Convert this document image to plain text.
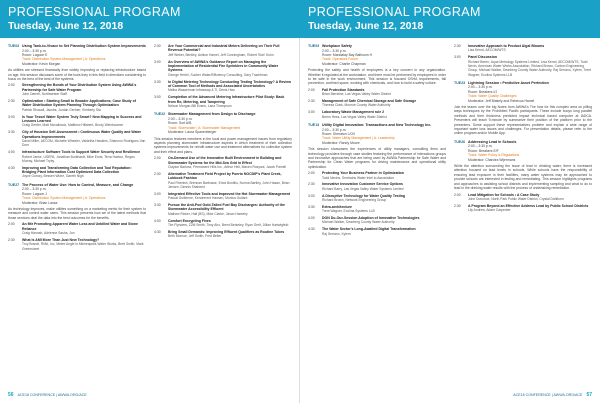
PROFESSIONAL PROGRAM
Tuesday, June 12, 2018
TUE03 Using Tank-to-Vivace to Set Planning Distribution System Improvements
2:00 – 3:30 p.m.
Room: Lagoon E
Track: Distribution System Management | A: Operations
Moderator: Kevin Morgan
As utilities are stressed financially from widely improving or replacing infrastructure based on age, this session discusses some of the tools they in this field in directions considering to focus on the best of the best of the systems.
2:00	Strengthening the Bonds of Your Distribution System Using AWWA's Partnership for Safe Water Program
John Darrell, Northwester Staff
2:30	Optimization • Starting Small to Broader Applications; Case Study of Water Distribution System Planning Through Optimization
Patrick Rinaudl, Jacobs, Jordan Gertner, Kimberly Sta
3:00	Is Your Tessel Water System Truly Smart? New Mapping in Success and Lessons Learned
Craig Genter, Matt Mccalinsdz, Matthew Hillsbert, Brody Weinbaumer
3:30	City of Houston Self-Assessment • Continuous Water Quality and Water Operations Improvements
David Miller, AECOM, Michelle Wheeler, Valdetha Hawkins, Shannon Rodriguez-Van Dorn
4:00	Infrastructure Software Tools to Support Water Security and Resilience
Robert Janke, USEPA, Jonathan Burkhardt, Mike Ernst, Terra Haxton, Regan Murray, Michael Tryby
4:30	Improving and Transforming Data Collection and Tool Reputation: Bridging Plant Information Cost Optimized Data Collection
Joyce Gorcsy, Bessen Wuhe, Gareth Nigh
TUE27 The Process of Water Use: How to Control, Measure, and Change
2:00 – 3:30 p.m.
Room: Lagoon J
Track: Distribution System Management | A: Operations
Moderator: Brian Lanza
As technology improves, make utilities something on a marketing metric for their system to measure and control water users. This session presents how we of the latest methods that those services deal the data into the best outcomes for the benefits.
2:00	An Mtr Promoting Apparent Water Loss and Unbilled Water and Stone Reliance
Craig Hannah, Adrienne Sasha, Jon
2:30	What Is AMI More Than Just New Technology?
Troy Brandt, RMA, Inc, Melee Angle in Minneapolis Water Works, Brett Smith, Mark Greensheet
2:30	Are Your Commercial and Industrial Meters Delivering on Their Full Revenue Potential?
Jeff Weber, Bentley, Ashton Hamel, Jeff Cunningham, Robert 'Bob' Kohn
3:00	An Overview of AWWA's Guidance Report on Managing the Implementation of Residential Fire Sprinklers in Community Water Systems
George Hertel, Sucher Water/Efficiency Consulting, Gary Trachtman
3:30	In Digital Metering Technology Conducting Testing Technology? A Review of Common Tool of Methods and Associated Uncertainties
Melba Wasserman Infraswap & Ti, Denis Hwu
3:00	Completion of the Advanced Metering Infrastructure Pilot Study: Back from Ro, Metering, and Tampering
Nelson Morgan-Bill Evans, Lana Thompson
TUE22 Stormwater Management from Design to Discharge
2:00 – 3:30 p.m.
Room: Surf A/B
Track: Stormwater | A: Stormwater Management
Moderator: Laura Spanenberger
This session features members in the local and power management issues from regulatory aspects planning stormwater infrastructure aspects in which treatment of their collection systems improvements for retrofit water use and treatment alternatives for collection system and their effect and plans.
2:00	On-Demand Use of the Innovative Built Environment in Building and Stormwater Systems for the Mid-Sea Grid in Effect
Clayton Bartosz, Permanent Hills Inc., Arthur Heil, Maven Rosyani, Jacob Pamell
2:30	Alternative Treatment Field Project by Puerto NOCDIP's Plant Creek, Lubbock Fashion
Paul Rhenish, Brennan Barbusse, Erica Bontiliu, Norma Bartley, John Hasan, Brian Jensen, Dennis Shaheed
3:00	Integrated Effective Tools and Improved the Hot Stormwater Management
Pascal Guillerme, Kendrerent Hansen, Monica Gullard
3:30	Pursue the Anti-Pod Gold-Tailed Fuel Bay Discharges: Authority of the Stormwater Accessibility Effluent
Mathew Ricker, Hall (BS), Mike Clarke, Jason Hamelry
4:00	Comfort Encrypting Fixes
Tim Flynders, Z2M Smith, Tony Aho, Brent Berkeley, Ryan Greif, Jillian Hartwigfeld
4:30	Bring Small Demands: Improving Effluent Qualifiers as Routine Tubes
Beth Monroe, Jeff Smith, Fred Beller
56 ACE18 CONFERENCE | AWWA.ORG/ACE
PROFESSIONAL PROGRAM
Tuesday, June 12, 2018
TUE03 Workplace Safety
2:00 – 3:30 p.m.
Room: Mandalay Bay Ballroom H
Track: Operators Forum
Moderator: Charlie Chapman
Protecting the safety and health of employees is a key concern in any organization. Whether it regulated at the workstation, and there must be performed by employees in order to be safe in the work environment. This session is focused OSHA requirements, fall prevention, confined space, working with chemicals, and how to build a safety culture.
2:00	Fall Protection Standards
Brian Bierstine, Las Vegas Valley Water District
2:30	Management of Safe Chemical Storage and Safe Storage
Theresa Clark, Monroe County Water Authority
3:00	Laboratory Waste Management rule 2
Brenn Hess, Las Vegas Valley Water District
TUE13 Utility Digital Innovation: Transactions and New Technology Inc.
2:00 – 3:30 p.m.
Room: Sheraton L/O/I
Track: Water Utility Management | A: Leadership
Moderator: Randy Moore
This session showcases the experiences of utility managers, consulting firms and technology providers through case studies featuring the performance of interactions groups and innovative approaches that are being used by AWWA Partnership for Safe Water and Partnership for Clean Water programs for driving maintenance and operational utility optimization.
2:00	Protecting Your Business Partner in Optimization
Todd Nevins, Smrtrains Water Intel to Association
2:30	Innovative Innovation Customer Service Options
Richard Barry, Las Vegas Valley Water Systems Limited
3:00	A Disruptive Technology for Water Quality Testing
Richard Brown, Network Engineering Group
3:30	Extra-architecture
Trent Wagner, Ecolina Systems LLB
4:00	DON Do-Our-Session Adoption of Innovative Technologies
Michael Walker, Dearberg County Water Authority
4:30	The Water Sector's Long-Awaited Digital Transformation
Raj Serrano, Xylem
2:30	Innovative Approach to Product Algal Blooms
Lisa Kernd, AECOM/WTS
3:00	Panel Discussion
Richard Beren, Aqua Metrology Systems Limited, Lisa Kernd, AECOM/WTS, Todd Nevin, American Water Works Association, Richard Brown, Carbon Engineering Group, Michael Walker, Dearberg County Water Authority, Raj Serrano, Xylem, Trent Wagner, Ecolina Systems LLB
TUE23 Lightning Session • Predictive Asset Perfection
2:00 – 3:30 p.m.
Room: Breakers I/J
Track: Water Quality Challenges
Moderator: Jeff Blakely and Rebecca Hamel
Join the teams over the big Notes from AWWA's The how for this complex area on pilling ways techniques by the Prohibited Pacific participants. These include buoys long parallel methods and their thickness predicted impact technical based computer at IADCA. Presenters will teach 9-minute by summarize their position of the platform prior to the presenters. Some support these representatives problem and explain a wide range of important water loss issues and challenges. For presentation details, please refer to the online program and/or Mobile App.
TUE26 Addressing Lead in Schools
2:00 – 3:30 p.m.
Room: Breakers E/F
Track: Water Policy & Regulations
Moderator: Chandra Wijermans
While the attention surrounding the issue of lead in drinking water, there is increased attention focused on lead levels in schools. While schools have the responsibility of ensuring lead exposure in their facilities, many water systems may be approached to provide schools are interested in testing and remediating. This session highlights programs and approaches to assisting school districts and implementing sampling and what to do to lead in the drinking water results with the process of undertaking remediation.
2:00	Lead Mitigation for Schools • A Case Study
John Donohue, North Park Public Water District, Crystal Dahlbom
2:30	A Program Beyond an Effective Address Lead by Public School Districts
Lily Andrew, Adam Carpenter
ACE18 CONFERENCE | AWWA.ORG/ACE 57
